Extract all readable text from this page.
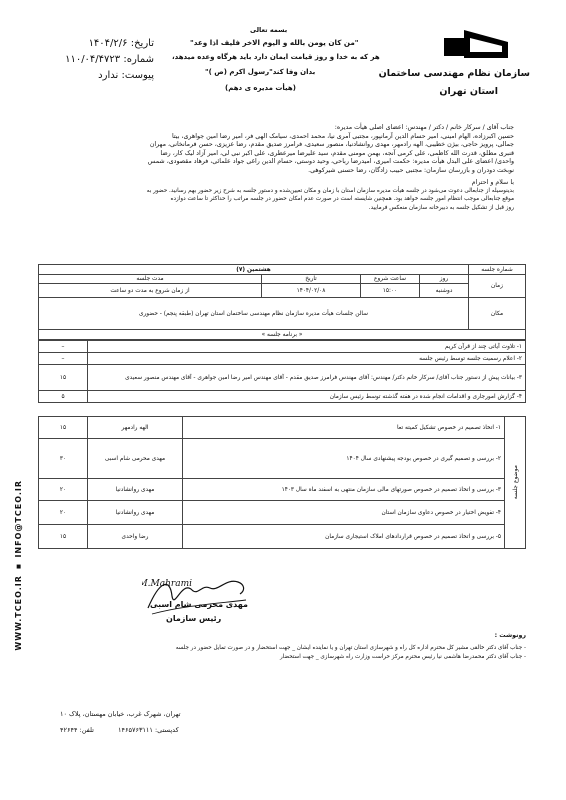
سازمان نظام مهندسی ساختمان
استان تهران
بسمه تعالی
"من کان یومن بالله و الیوم الاخر فلیف اذا وعد"
هر که به خدا و روز قیامت ایمان دارد باید هرگاه وعده میدهد،
بدان وفا کند"رسول اکرم (ص )"
(هیأت مدیره ی دهم)
تاریخ: ۱۴۰۴/۲/۶
شماره: ۱۱۰/۰۴/۴۷۲۳
پیوست: ندارد
جناب آقای / سرکار خانم / دکتر / مهندس: اعضای اصلی هیأت مدیره:
حسین اکبرزاده، الهام امینی، امیر حسام الدین آرمانپور، مجتبی آمری نیا، محمد احمدی، سیامک الهی فر، امیر رضا امین جواهری، بیتا
جمالی، پرویز حاجی، بیژن خطیبی، الهه رادمهر، مهدی روانشادنیا، منصور سعیدی، فرامرز صدیق مقدم، رضا عزیزی، حسن فرمانخانی، مهران
قنبری مطلق، قدرت الله کاظمی، علی کرمی آنجه، بهمن مومنی مقدم، سید علیرضا میرعطری، علی اکبر نبی لی، امیر آزاد لیک کار، رضا
واحدی/ اعضای علی البدل هیأت مدیره: حکمت امیری، امیدرضا رباحی، وحید دوستی، حسام الدین راغی جواد علمائی، فرهاد مقصودی، شمس
نوبخت دودران و بازرسان سازمان: مجتبی حبیب زادگان، رضا حسنی شیرکوهی.
با سلام و احترام
بدینوسیله از جنابعالی دعوت می‌شود در جلسه هیأت مدیره سازمان استان با زمان و مکان تعیین‌شده و دستور جلسه به شرح زیر حضور بهم رسانید. حضور به
موقع جنابعالی موجب انتظام امور جلسه خواهد بود. همچنین شایسته است در صورت عدم امکان حضور در جلسه مراتب را حداکثر تا ساعت دوازده
روز قبل از تشکیل جلسه به دبیرخانه سازمان منعکس فرمایید.
شماره جلسه	هشتمین (۷)			
زمان	روز	ساعت شروع	تاریخ	مدت جلسه
	دوشنبه	۱۵:۰۰	۱۴۰۴/۰۲/۰۸	از زمان شروع به مدت دو ساعت
مکان	سالن جلسات هیأت مدیره سازمان نظام مهندسی ساختمان استان تهران (طبقه پنجم) - حضوری			
« برنامه جلسه »				
۱- تلاوت آیاتی چند از قرآن کریم	–
۲- اعلام رسمیت جلسه توسط رئیس جلسه	–
۳- بیانات پیش از دستور جناب آقای/ سرکار خانم دکتر/ مهندس: آقای مهندس فرامرز صدیق مقدم - آقای مهندس امیر رضا امین جواهری - آقای مهندس منصور سعیدی	۱۵
۴- گزارش امورجاری و اقدامات انجام شده در هفته گذشته توسط رئیس سازمان	۵
موضوع جلسه	۱- اتخاذ تصمیم در خصوص تشکیل کمیته تعا	الهه رادمهر	۱۵
	۲- بررسی و تصمیم گیری در خصوص بودجه پیشنهادی سال ۱۴۰۴	مهدی محرمی شام اسبی	۳۰
	۳- بررسی و اتخاذ تصمیم در خصوص صورتهای مالی سازمان منتهی به اسفند ماه سال ۱۴۰۳	مهدی روانشادنیا	۲۰
	۴- تفویض اختیار در خصوص دعاوی سازمان استان	مهدی روانشادنیا	۲۰
	۵- بررسی و اتخاذ تصمیم در خصوص قراردادهای املاک استیجاری سازمان	رضا واحدی	۱۵
M.Mahrami
مهدی محرمی شام اسبی
رئیس سازمان
رونوشت :
- جناب آقای دکتر خالقی مشیر کل محترم اداره کل راه و شهرسازی استان تهران و یا نماینده ایشان _ جهت استحضار و در صورت تمایل حضور در جلسه
- جناب آقای دکتر محمدرضا هاشمی نیا رئیس محترم مرکز حراست وزارت راه شهرسازی _ جهت استحضار
تهران، شهرک غرب، خیابان مهستان، پلاک ۱۰
کدپستی: ۱۴۶۵۷۶۳۱۱۱
تلفن: ۴۲۶۴۴
WWW.TCEO.IR ▪ INFO@TCEO.IR
